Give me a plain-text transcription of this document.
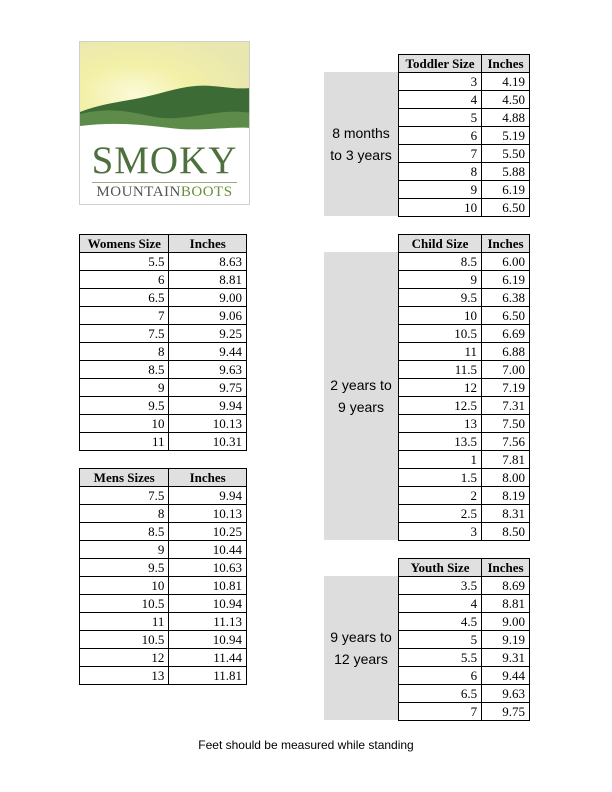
SMOKY
MOUNTAINBOOTS
Womens Size	Inches
5.5	8.63
6	8.81
6.5	9.00
7	9.06
7.5	9.25
8	9.44
8.5	9.63
9	9.75
9.5	9.94
10	10.13
11	10.31
Mens Sizes	Inches
7.5	9.94
8	10.13
8.5	10.25
9	10.44
9.5	10.63
10	10.81
10.5	10.94
11	11.13
10.5	10.94
12	11.44
13	11.81
8 months
to 3 years
Toddler Size	Inches
3	4.19
4	4.50
5	4.88
6	5.19
7	5.50
8	5.88
9	6.19
10	6.50
2 years to
9 years
Child Size	Inches
8.5	6.00
9	6.19
9.5	6.38
10	6.50
10.5	6.69
11	6.88
11.5	7.00
12	7.19
12.5	7.31
13	7.50
13.5	7.56
1	7.81
1.5	8.00
2	8.19
2.5	8.31
3	8.50
9 years to
12 years
Youth Size	Inches
3.5	8.69
4	8.81
4.5	9.00
5	9.19
5.5	9.31
6	9.44
6.5	9.63
7	9.75
Feet should be measured while standing
